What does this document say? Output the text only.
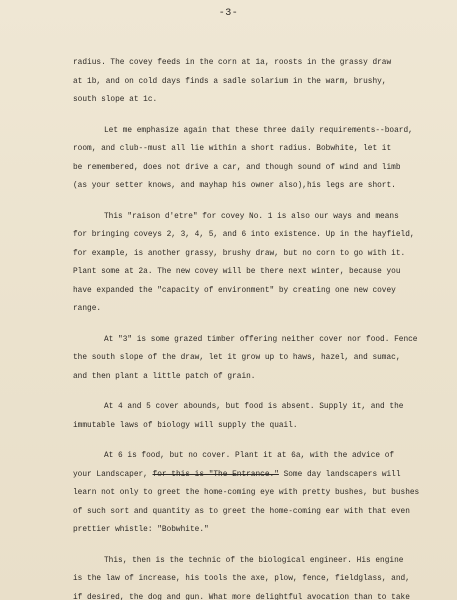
-3-
radius. The covey feeds in the corn at 1a, roosts in the grassy draw
at 1b, and on cold days finds a sadle solarium in the warm, brushy,
south slope at 1c.
Let me emphasize again that these three daily requirements--board,
room, and club--must all lie within a short radius. Bobwhite, let it
be remembered, does not drive a car, and though sound of wind and limb
(as your setter knows, and mayhap his owner also),his legs are short.
This "raison d'etre" for covey No. 1 is also our ways and means
for bringing coveys 2, 3, 4, 5, and 6 into existence. Up in the hayfield,
for example, is another grassy, brushy draw, but no corn to go with it.
Plant some at 2a. The new covey will be there next winter, because you
have expanded the "capacity of environment" by creating one new covey
range.
At "3" is some grazed timber offering neither cover nor food. Fence
the south slope of the draw, let it grow up to haws, hazel, and sumac,
and then plant a little patch of grain.
At 4 and 5 cover abounds, but food is absent. Supply it, and the
immutable laws of biology will supply the quail.
At 6 is food, but no cover. Plant it at 6a, with the advice of
your Landscaper, for this is "The Entrance." Some day landscapers will
learn not only to greet the home-coming eye with pretty bushes, but bushes
of such sort and quantity as to greet the home-coming ear with that even
prettier whistle: "Bobwhite."
This, then is the technic of the biological engineer. His engine
is the law of increase, his tools the axe, plow, fence, fieldglass, and,
if desired, the dog and gun. What more delightful avocation than to take
